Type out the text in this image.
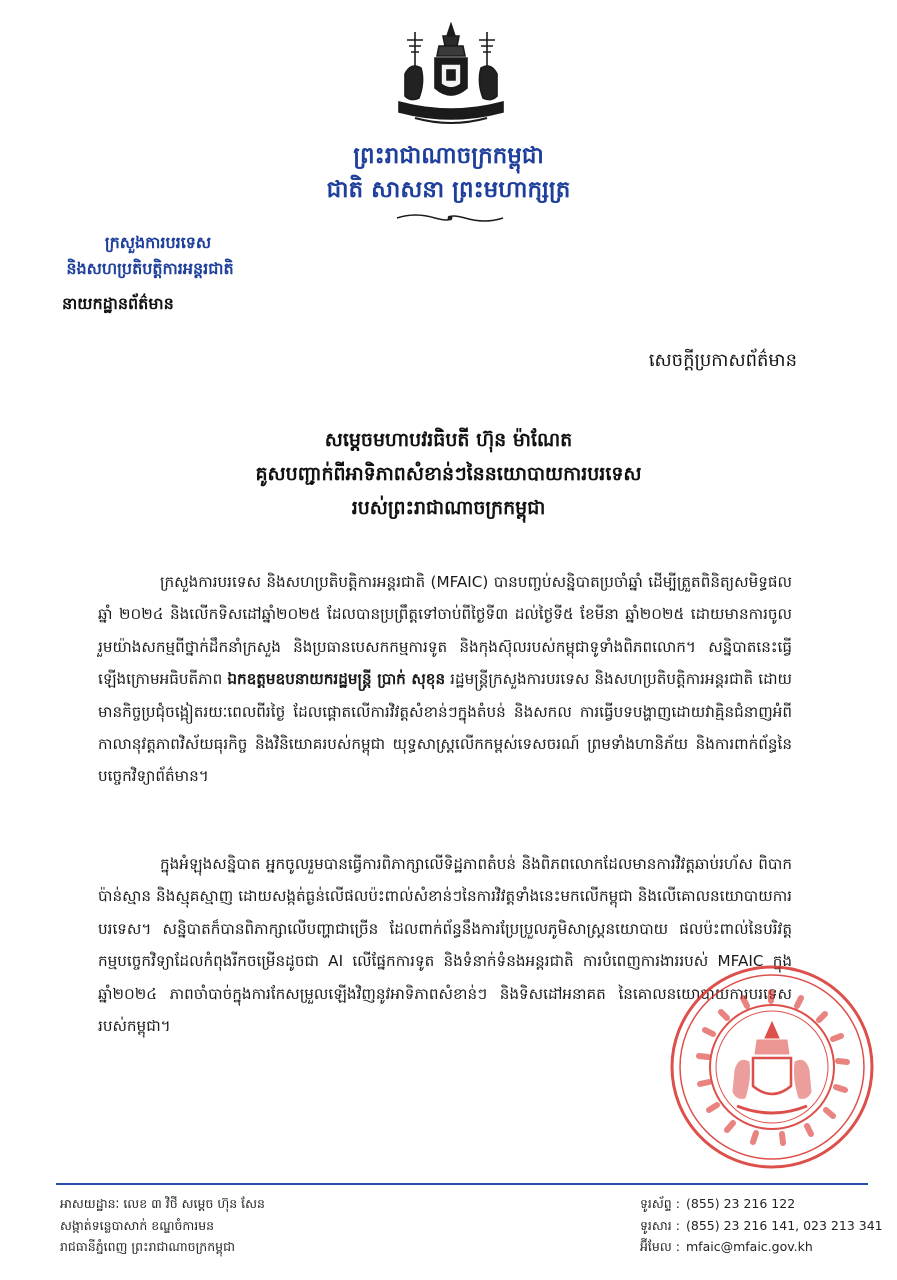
ព្រះរាជាណាចក្រកម្ពុជា
ជាតិ សាសនា ព្រះមហាក្សត្រ
ក្រសួងការបរទេស
និងសហប្រតិបត្តិការអន្តរជាតិ
នាយកដ្ឋានព័ត៌មាន
សេចក្តីប្រកាសព័ត៌មាន
សម្តេចមហាបវរធិបតី ហ៊ុន ម៉ាណែត
គូសបញ្ជាក់ពីអាទិភាពសំខាន់ៗនៃនយោបាយការបរទេស
របស់ព្រះរាជាណាចក្រកម្ពុជា
ក្រសួងការបរទេស និងសហប្រតិបត្តិការអន្តរជាតិ (MFAIC) បានបញ្ចប់សន្និបាតប្រចាំឆ្នាំ ដើម្បីត្រួតពិនិត្យសមិទ្ធផលឆ្នាំ ២០២៤ និងលើកទិសដៅឆ្នាំ២០២៥ ដែលបានប្រព្រឹត្តទៅចាប់ពីថ្ងៃទី៣ ដល់ថ្ងៃទី៥ ខែមីនា ឆ្នាំ២០២៥ ដោយមានការចូលរួមយ៉ាងសកម្មពីថ្នាក់ដឹកនាំក្រសួង និងប្រធានបេសកកម្មការទូត និងកុងស៊ុលរបស់កម្ពុជាទូទាំងពិភពលោក។ សន្និបាតនេះធ្វើឡើងក្រោមអធិបតីភាព ឯកឧត្តមឧបនាយករដ្ឋមន្ត្រី ប្រាក់ សុខុន រដ្ឋមន្ត្រីក្រសួងការបរទេស និងសហប្រតិបត្តិការអន្តរជាតិ ដោយមានកិច្ចប្រជុំចង្អៀតរយៈពេលពីរថ្ងៃ ដែលផ្តោតលើការវិវត្តសំខាន់ៗក្នុងតំបន់ និងសកល ការធ្វើបទបង្ហាញដោយវាគ្មិនជំនាញអំពីកាលានុវត្តភាពវិស័យធុរកិច្ច និងវិនិយោគរបស់កម្ពុជា យុទ្ធសាស្ត្រលើកកម្ពស់ទេសចរណ៍ ព្រមទាំងហានិភ័យ និងការពាក់ព័ន្ធនៃបច្ចេកវិទ្យាព័ត៌មាន។
ក្នុងអំឡុងសន្និបាត អ្នកចូលរួមបានធ្វើការពិភាក្សាលើទិដ្ឋភាពតំបន់ និងពិភពលោកដែលមានការវិវត្តឆាប់រហ័ស ពិបាកប៉ាន់ស្មាន និងស្មុគស្មាញ ដោយសង្កត់ធ្ងន់លើផលប៉ះពាល់សំខាន់ៗនៃការវិវត្តទាំងនេះមកលើកម្ពុជា និងលើគោលនយោបាយការបរទេស។ សន្និបាតក៏បានពិភាក្សាលើបញ្ហាជាច្រើន ដែលពាក់ព័ន្ធនឹងការប្រែប្រួលភូមិសាស្ត្រនយោបាយ ផលប៉ះពាល់នៃបរិវត្តកម្មបច្ចេកវិទ្យាដែលកំពុងរីកចម្រើនដូចជា AI លើផ្នែកការទូត និងទំនាក់ទំនងអន្តរជាតិ ការបំពេញការងាររបស់ MFAIC ក្នុងឆ្នាំ២០២៤ ភាពចាំបាច់ក្នុងការកែសម្រួលឡើងវិញនូវអាទិភាពសំខាន់ៗ និងទិសដៅអនាគត នៃគោលនយោបាយការបរទេសរបស់កម្ពុជា។
អាសយដ្ឋានៈ លេខ ៣ វិថី សម្តេច ហ៊ុន សែន
សង្កាត់ទន្លេបាសាក់ ខណ្ឌចំការមន
រាជធានីភ្នំពេញ ព្រះរាជាណាចក្រកម្ពុជា
ទូរស័ព្ទ : (855) 23 216 122
ទូរសារ : (855) 23 216 141, 023 213 341
អ៊ីមែល : mfaic@mfaic.gov.kh
